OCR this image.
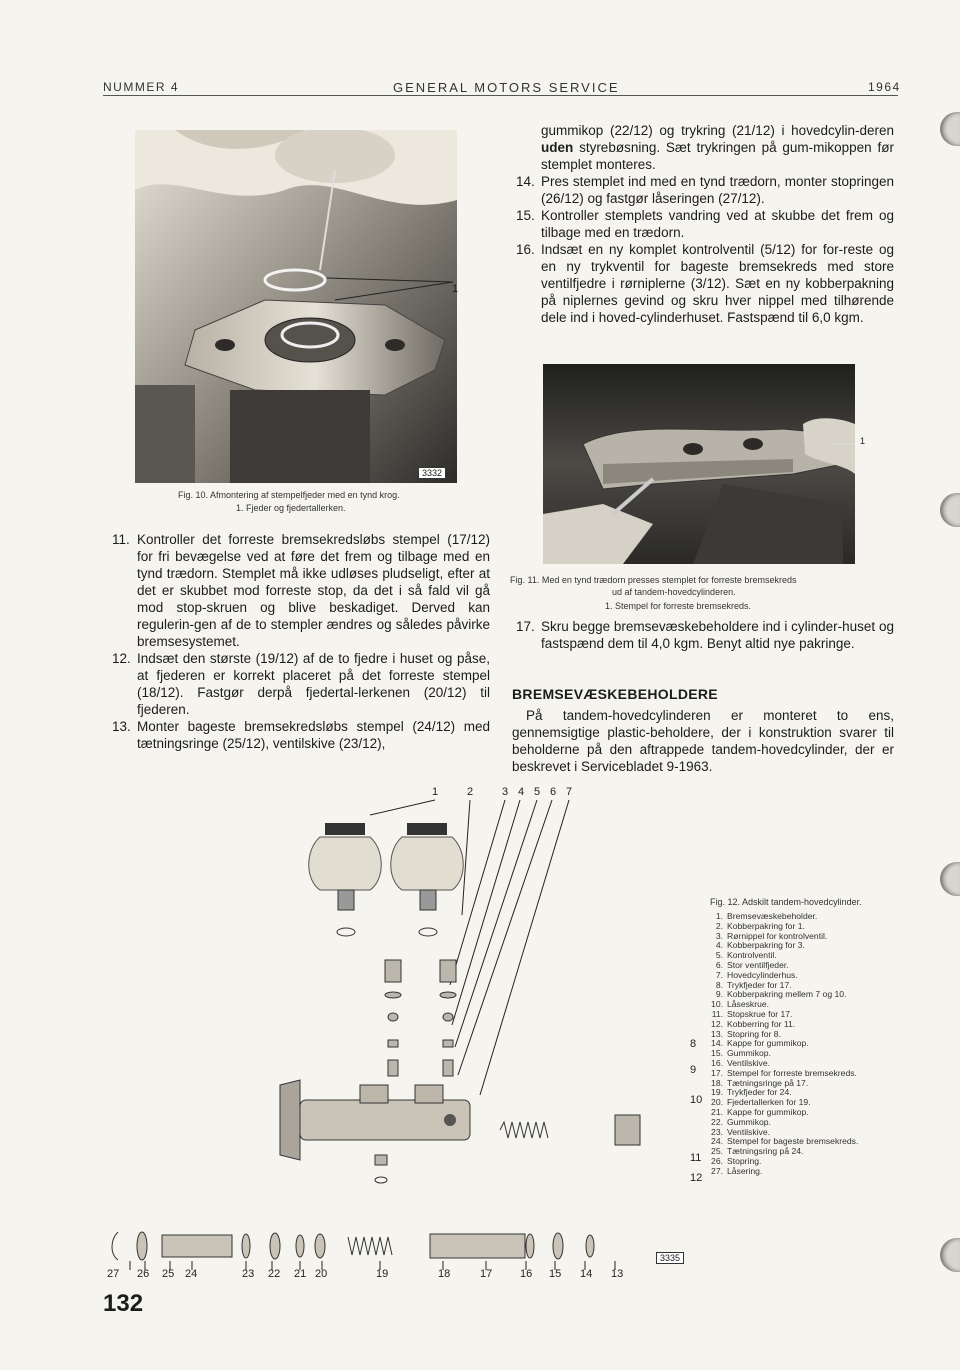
NUMMER 4	GENERAL MOTORS SERVICE	1964
1
3332
Fig. 10. Afmontering af stempelfjeder med en tynd krog.
1. Fjeder og fjedertallerken.
gummikop (22/12) og trykring (21/12) i hovedcylin-deren uden styrebøsning. Sæt trykringen på gum-mikoppen før stemplet monteres.
14. Pres stemplet ind med en tynd trædorn, monter stopringen (26/12) og fastgør låseringen (27/12).
15. Kontroller stemplets vandring ved at skubbe det frem og tilbage med en trædorn.
16. Indsæt en ny komplet kontrolventil (5/12) for for-reste og en ny trykventil for bageste bremsekreds med store ventilfjedre i rørniplerne (3/12). Sæt en ny kobberpakning på niplernes gevind og skru hver nippel med tilhørende dele ind i hoved-cylinderhuset. Fastspænd til 6,0 kgm.
1
Fig. 11. Med en tynd trædorn presses stemplet for forreste bremsekreds
ud af tandem-hovedcylinderen.
1. Stempel for forreste bremsekreds.
11. Kontroller det forreste bremsekredsløbs stempel (17/12) for fri bevægelse ved at føre det frem og tilbage med en tynd trædorn. Stemplet må ikke udløses pludseligt, efter at det er skubbet mod forreste stop, da det i så fald vil gå mod stop-skruen og blive beskadiget. Derved kan regulerin-gen af de to stempler ændres og således påvirke bremsesystemet.
12. Indsæt den største (19/12) af de to fjedre i huset og påse, at fjederen er korrekt placeret på det forreste stempel (18/12). Fastgør derpå fjedertal-lerkenen (20/12) til fjederen.
13. Monter bageste bremsekredsløbs stempel (24/12) med tætningsringe (25/12), ventilskive (23/12),
17. Skru begge bremsevæskebeholdere ind i cylinder-huset og fastspænd dem til 4,0 kgm. Benyt altid nye pakringe.
BREMSEVÆSKEBEHOLDERE
På tandem-hovedcylinderen er monteret to ens, gennemsigtige plastic-beholdere, der i konstruktion svarer til beholderne på den aftrappede tandem-hovedcylinder, der er beskrevet i Servicebladet 9-1963.
1	2	3 4 5 6 7
8
9
10
11
12
27 26 25 24	23 22 21 20	19	18	17	16 15 14 13
3335
Fig. 12. Adskilt tandem-hovedcylinder.
1. Bremsevæskebeholder.
2. Kobberpakring for 1.
3. Rørnippel for kontrolventil.
4. Kobberpakring for 3.
5. Kontrolventil.
6. Stor ventilfjeder.
7. Hovedcylinderhus.
8. Trykfjeder for 17.
9. Kobberpakring mellem 7 og 10.
10. Låseskrue.
11. Stopskrue for 17.
12. Kobberring for 11.
13. Stopring for 8.
14. Kappe for gummikop.
15. Gummikop.
16. Ventilskive.
17. Stempel for forreste bremsekreds.
18. Tætningsringe på 17.
19. Trykfjeder for 24.
20. Fjedertallerken for 19.
21. Kappe for gummikop.
22. Gummikop.
23. Ventilskive.
24. Stempel for bageste bremsekreds.
25. Tætningsring på 24.
26. Stopring.
27. Låsering.
132
